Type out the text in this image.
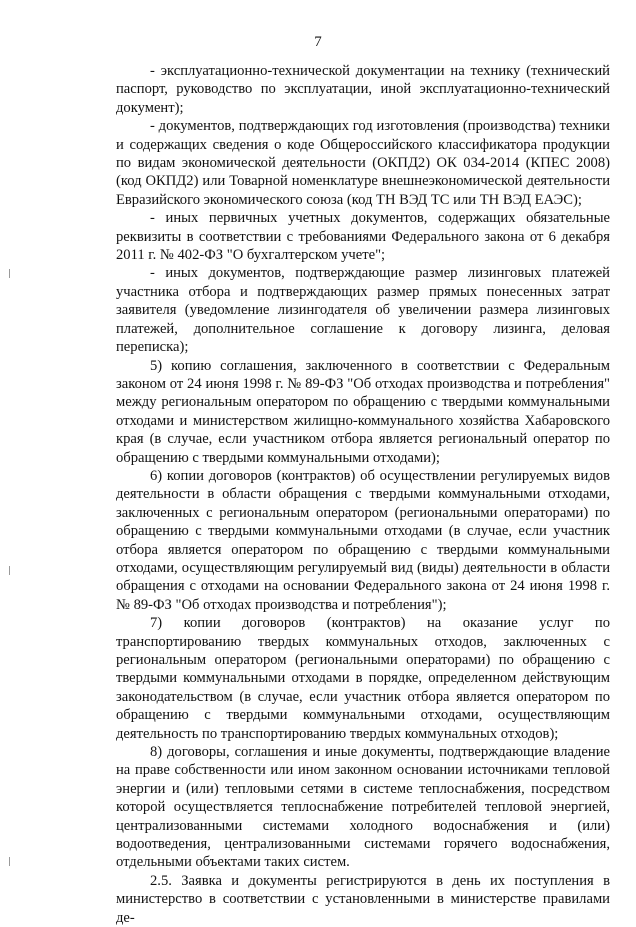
7

- эксплуатационно-технической документации на технику (технический паспорт, руководство по эксплуатации, иной эксплуатационно-технический документ);

- документов, подтверждающих год изготовления (производства) техники и содержащих сведения о коде Общероссийского классификатора продукции по видам экономической деятельности (ОКПД2) ОК 034-2014 (КПЕС 2008) (код ОКПД2) или Товарной номенклатуре внешнеэкономической деятельности Евразийского экономического союза (код ТН ВЭД ТС или ТН ВЭД ЕАЭС);

- иных первичных учетных документов, содержащих обязательные реквизиты в соответствии с требованиями Федерального закона от 6 декабря 2011 г. № 402-ФЗ "О бухгалтерском учете";

- иных документов, подтверждающие размер лизинговых платежей участника отбора и подтверждающих размер прямых понесенных затрат заявителя (уведомление лизингодателя об увеличении размера лизинговых платежей, дополнительное соглашение к договору лизинга, деловая переписка);

5) копию соглашения, заключенного в соответствии с Федеральным законом от 24 июня 1998 г. № 89-ФЗ "Об отходах производства и потребления" между региональным оператором по обращению с твердыми коммунальными отходами и министерством жилищно-коммунального хозяйства Хабаровского края (в случае, если участником отбора является региональный оператор по обращению с твердыми коммунальными отходами);

6) копии договоров (контрактов) об осуществлении регулируемых видов деятельности в области обращения с твердыми коммунальными отходами, заключенных с региональным оператором (региональными операторами) по обращению с твердыми коммунальными отходами (в случае, если участник отбора является оператором по обращению с твердыми коммунальными отходами, осуществляющим регулируемый вид (виды) деятельности в области обращения с отходами на основании Федерального закона от 24 июня 1998 г. № 89-ФЗ "Об отходах производства и потребления");

7) копии договоров (контрактов) на оказание услуг по транспортированию твердых коммунальных отходов, заключенных с региональным оператором (региональными операторами) по обращению с твердыми коммунальными отходами в порядке, определенном действующим законодательством (в случае, если участник отбора является оператором по обращению с твердыми коммунальными отходами, осуществляющим деятельность по транспортированию твердых коммунальных отходов);

8) договоры, соглашения и иные документы, подтверждающие владение на праве собственности или ином законном основании источниками тепловой энергии и (или) тепловыми сетями в системе теплоснабжения, посредством которой осуществляется теплоснабжение потребителей тепловой энергией, централизованными системами холодного водоснабжения и (или) водоотведения, централизованными системами горячего водоснабжения, отдельными объектами таких систем.

2.5. Заявка и документы регистрируются в день их поступления в министерство в соответствии с установленными в министерстве правилами де-
